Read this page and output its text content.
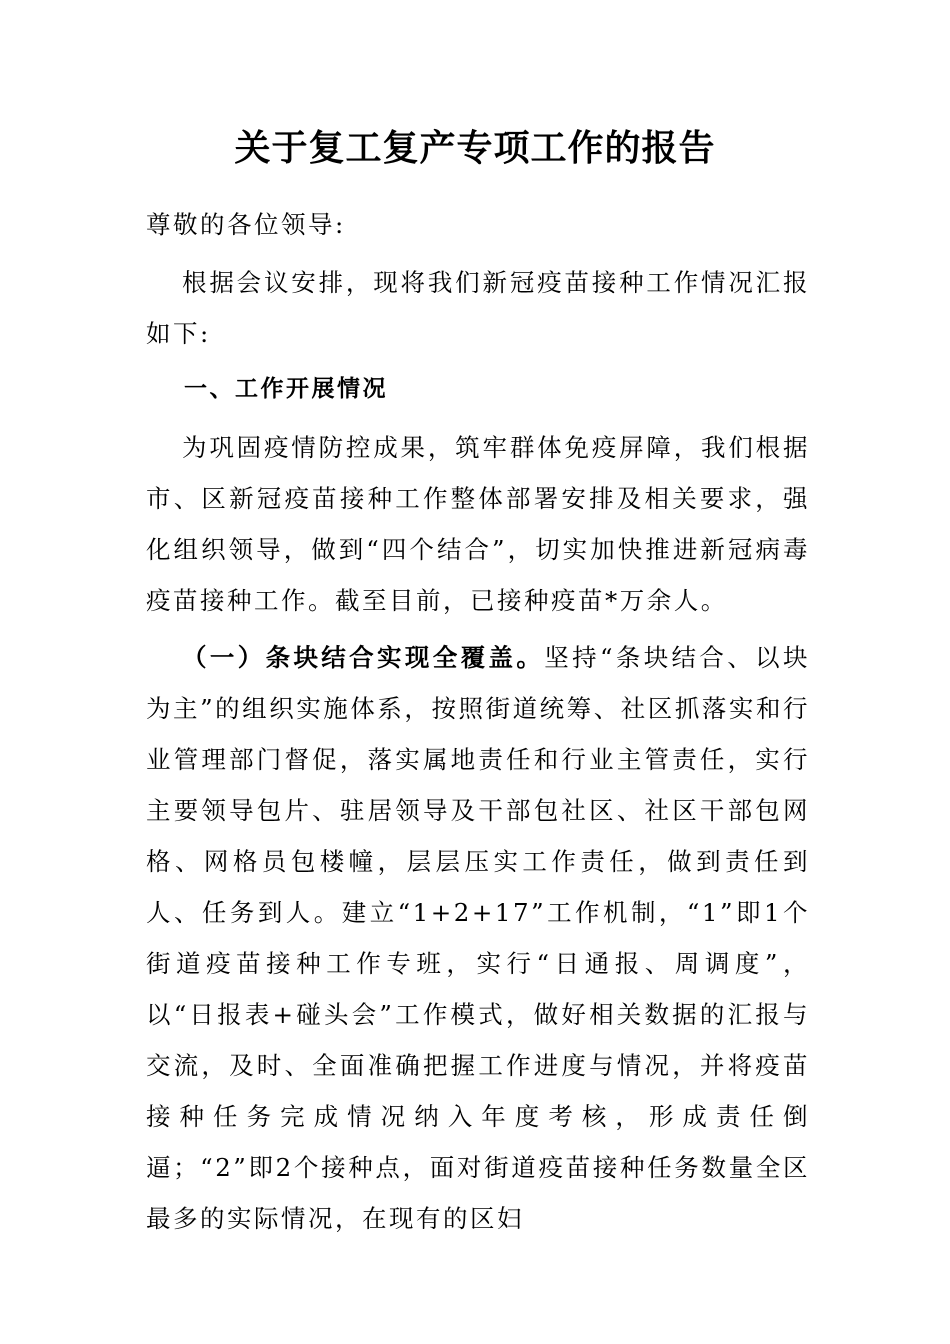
关于复工复产专项工作的报告

尊敬的各位领导:

根据会议安排，现将我们新冠疫苗接种工作情况汇报如下:

一、工作开展情况

为巩固疫情防控成果，筑牢群体免疫屏障，我们根据市、区新冠疫苗接种工作整体部署安排及相关要求，强化组织领导，做到“四个结合”，切实加快推进新冠病毒疫苗接种工作。截至目前，已接种疫苗*万余人。

（一）条块结合实现全覆盖。坚持“条块结合、以块为主”的组织实施体系，按照街道统筹、社区抓落实和行业管理部门督促，落实属地责任和行业主管责任，实行主要领导包片、驻居领导及干部包社区、社区干部包网格、网格员包楼幢，层层压实工作责任，做到责任到人、任务到人。建立“1+2+17”工作机制，“1”即1个街道疫苗接种工作专班，实行“日通报、周调度”，以“日报表+碰头会”工作模式，做好相关数据的汇报与交流，及时、全面准确把握工作进度与情况，并将疫苗接种任务完成情况纳入年度考核，形成责任倒逼；“2”即2个接种点，面对街道疫苗接种任务数量全区最多的实际情况，在现有的区妇
